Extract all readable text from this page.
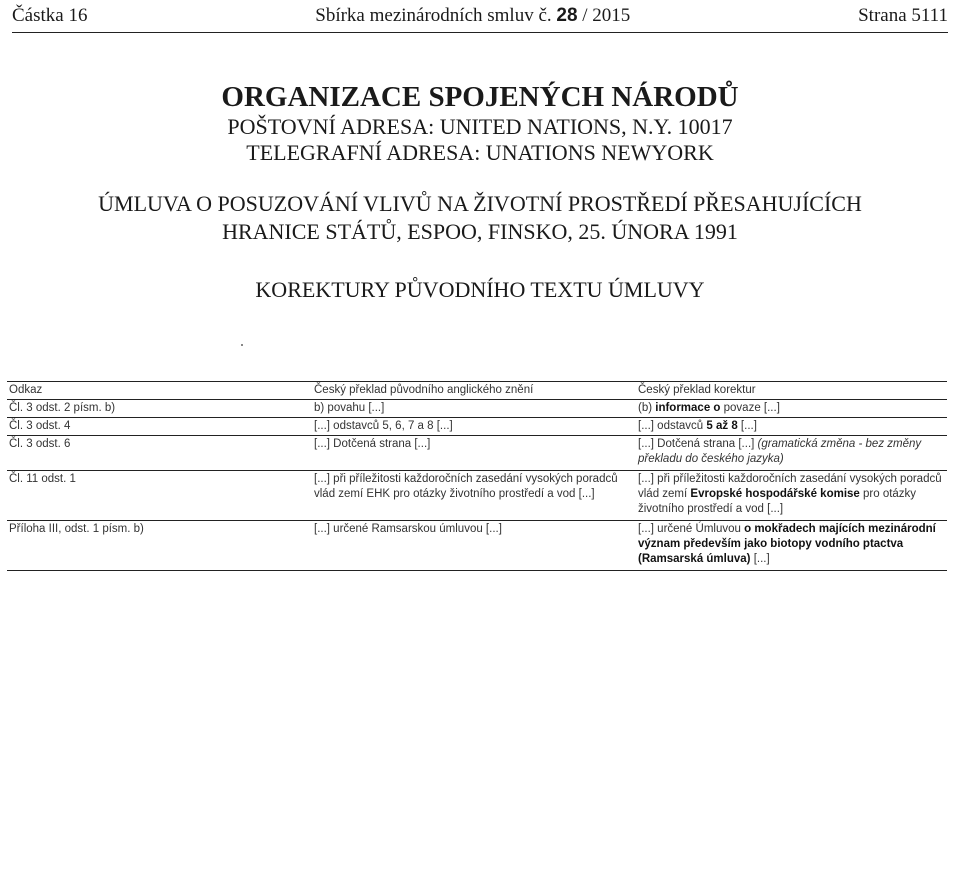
Částka 16	Sbírka mezinárodních smluv č. 28 / 2015	Strana 5111
ORGANIZACE SPOJENÝCH NÁRODŮ
POŠTOVNÍ ADRESA: UNITED NATIONS, N.Y. 10017
TELEGRAFNÍ ADRESA: UNATIONS NEWYORK
ÚMLUVA O POSUZOVÁNÍ VLIVŮ NA ŽIVOTNÍ PROSTŘEDÍ PŘESAHUJÍCÍCH
HRANICE STÁTŮ, ESPOO, FINSKO, 25. ÚNORA 1991
KOREKTURY PŮVODNÍHO TEXTU ÚMLUVY
Odkaz	Český překlad původního anglického znění	Český překlad korektur
Čl. 3 odst. 2 písm. b)	b) povahu [...]	(b) informace o povaze [...]
Čl. 3 odst. 4	[...] odstavců 5, 6, 7 a 8 [...]	[...] odstavců 5 až 8 [...]
Čl. 3 odst. 6	[...] Dotčená strana [...]	[...] Dotčená strana [...] (gramatická změna - bez změny překladu do českého jazyka)
Čl. 11 odst. 1	[...] při příležitosti každoročních zasedání vysokých poradců vlád zemí EHK pro otázky životního prostředí a vod [...]	[...] při příležitosti každoročních zasedání vysokých poradců vlád zemí Evropské hospodářské komise pro otázky životního prostředí a vod [...]
Příloha III, odst. 1 písm. b)	[...] určené Ramsarskou úmluvou [...]	[...] určené Úmluvou o mokřadech majících mezinárodní význam především jako biotopy vodního ptactva (Ramsarská úmluva) [...]
